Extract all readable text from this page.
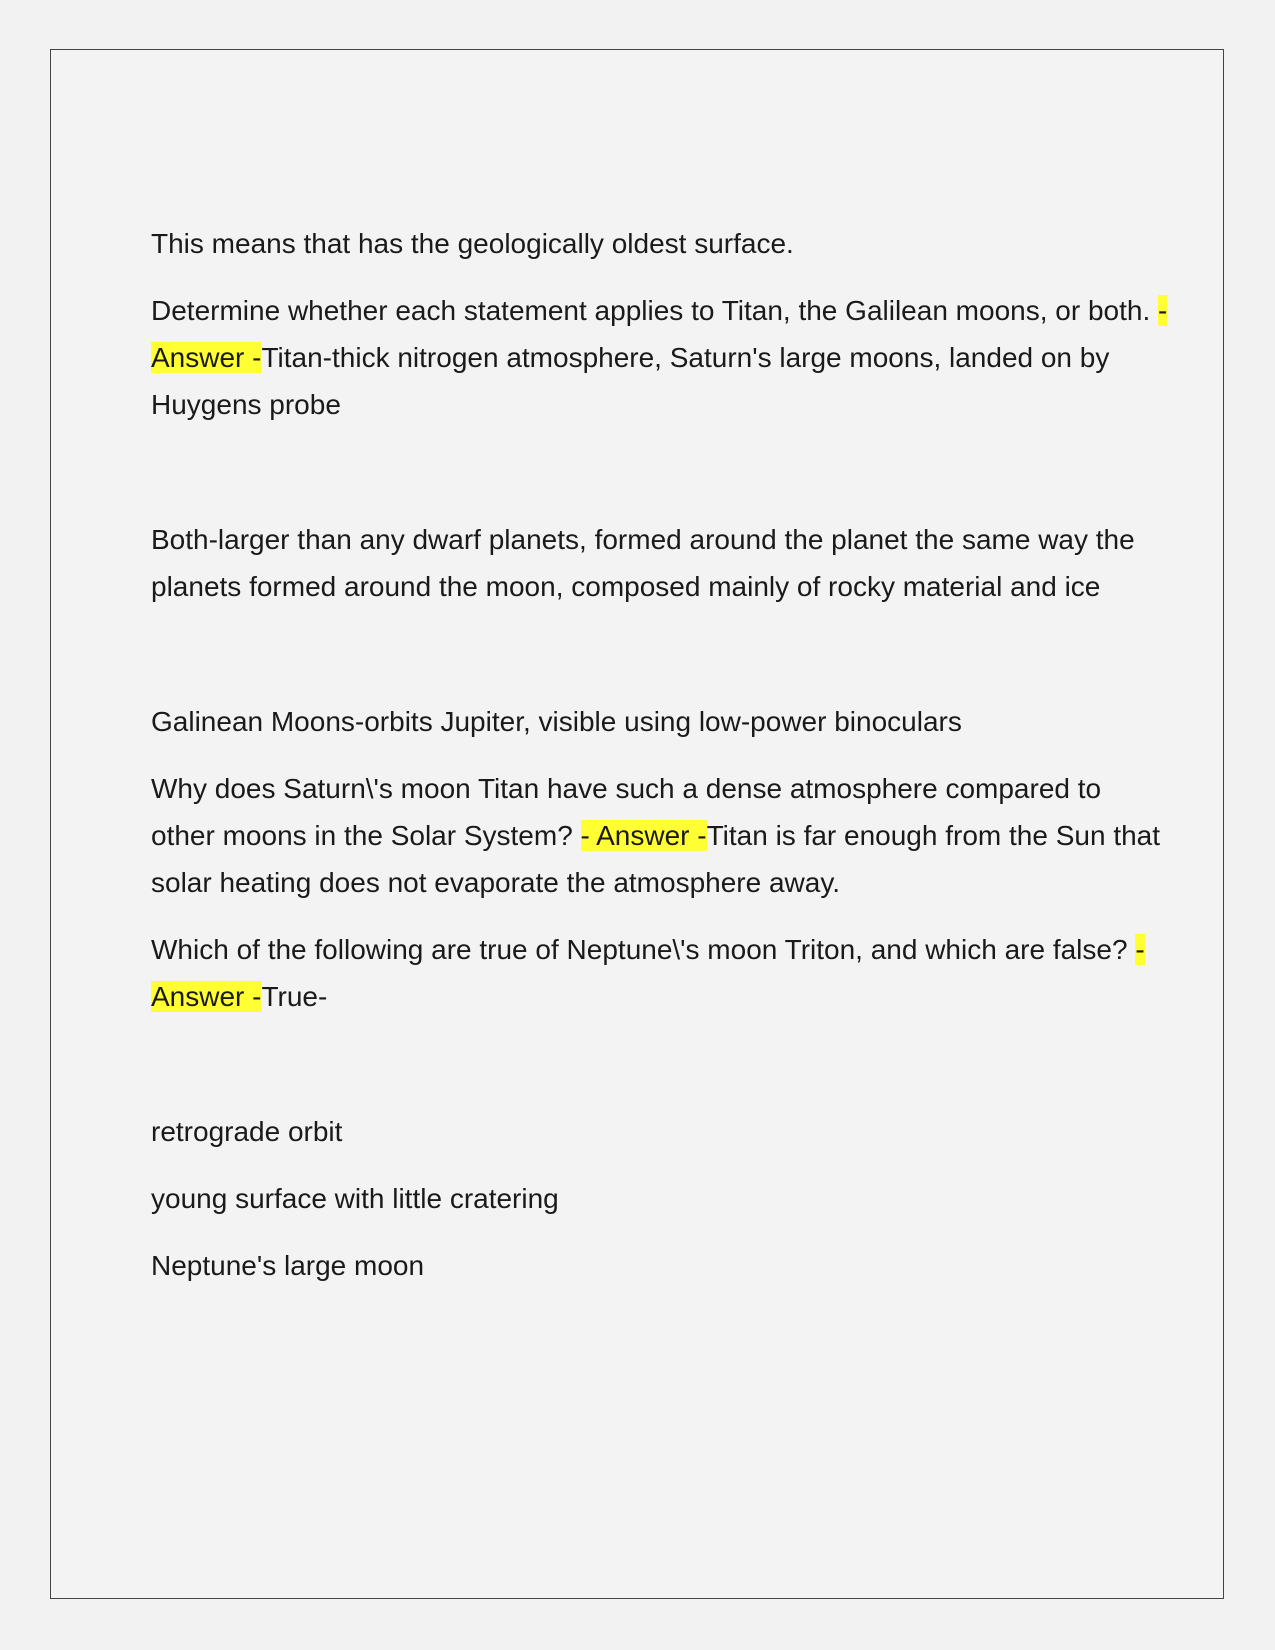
This means that has the geologically oldest surface.

Determine whether each statement applies to Titan, the Galilean moons, or both. - Answer -Titan-thick nitrogen atmosphere, Saturn's large moons, landed on by Huygens probe

Both-larger than any dwarf planets, formed around the planet the same way the planets formed around the moon, composed mainly of rocky material and ice

Galinean Moons-orbits Jupiter, visible using low-power binoculars

Why does Saturn\'s moon Titan have such a dense atmosphere compared to other moons in the Solar System? - Answer -Titan is far enough from the Sun that solar heating does not evaporate the atmosphere away.

Which of the following are true of Neptune\'s moon Triton, and which are false? - Answer -True-

retrograde orbit

young surface with little cratering

Neptune's large moon
